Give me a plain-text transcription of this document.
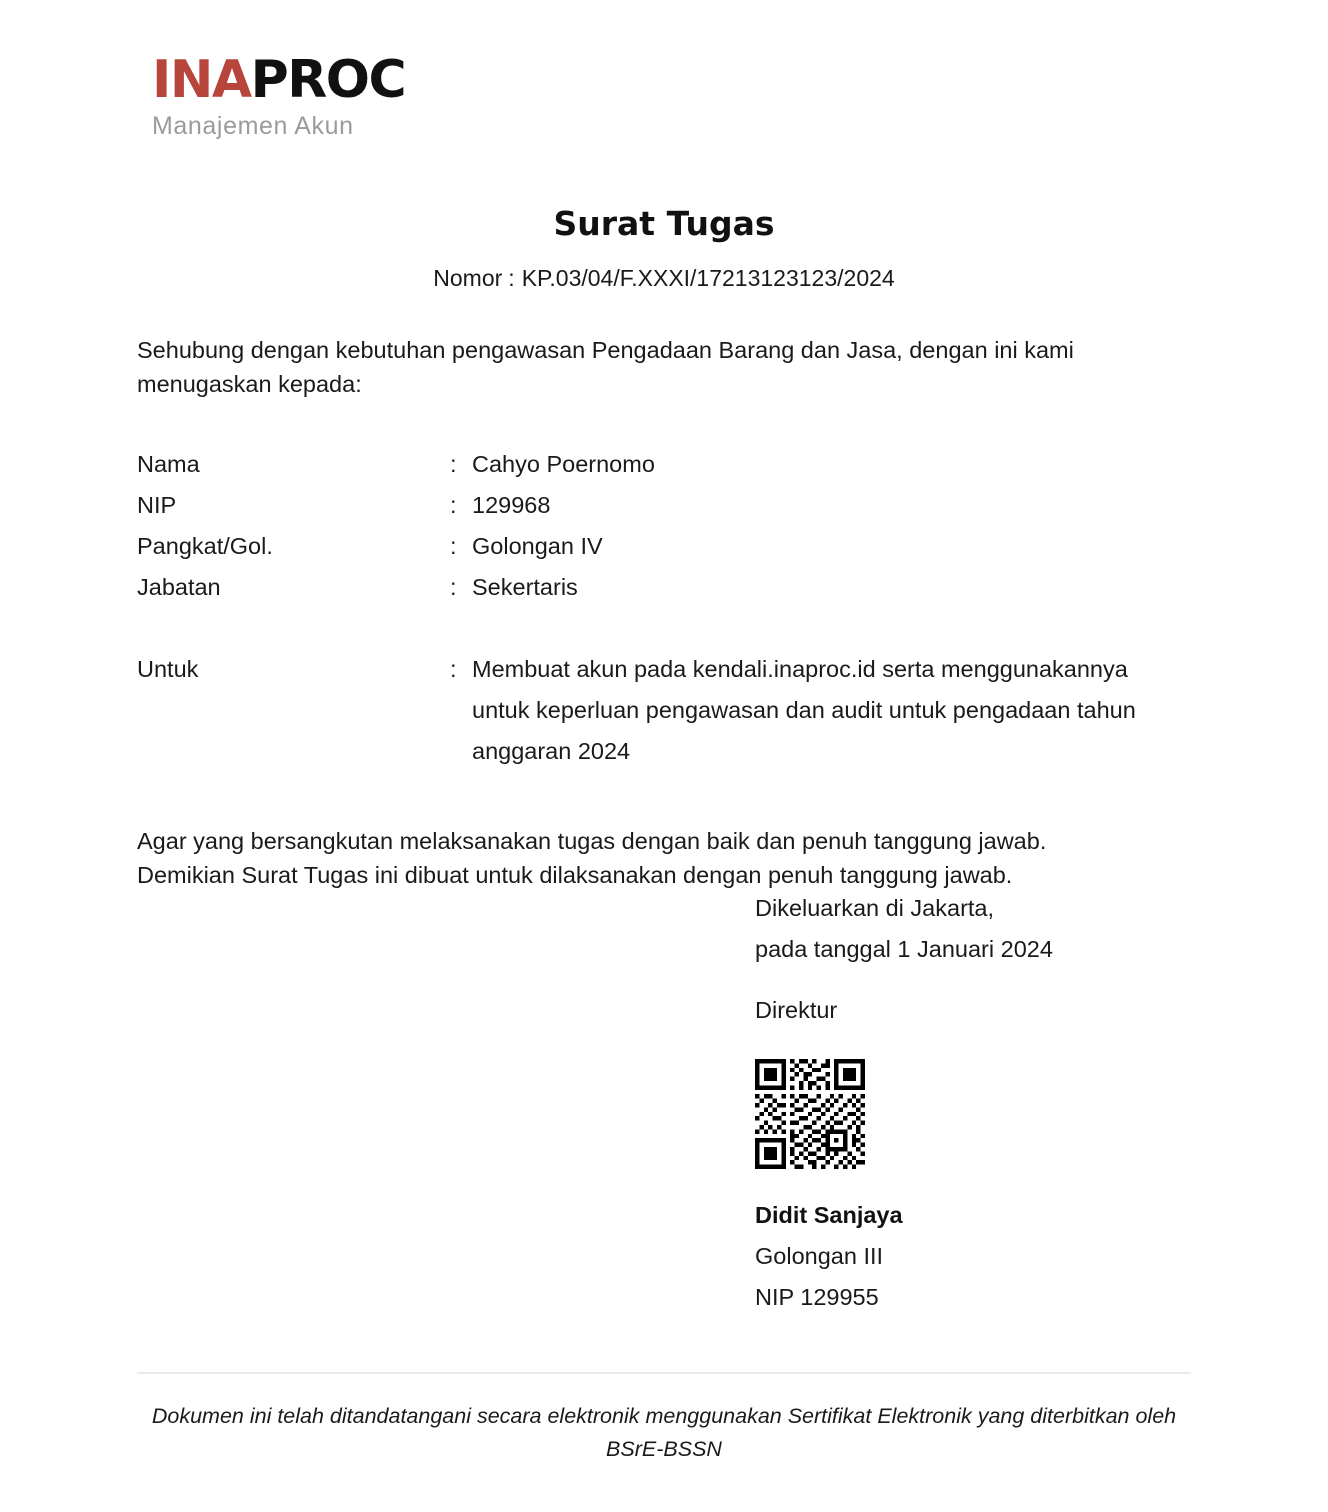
INAPROC
Manajemen Akun
Surat Tugas
Nomor : KP.03/04/F.XXXI/17213123123/2024

Sehubung dengan kebutuhan pengawasan Pengadaan Barang dan Jasa, dengan ini kami menugaskan kepada:

Nama	: Cahyo Poernomo
NIP	: 129968
Pangkat/Gol.	: Golongan IV
Jabatan	: Sekertaris
Untuk	: Membuat akun pada kendali.inaproc.id serta menggunakannya untuk keperluan pengawasan dan audit untuk pengadaan tahun anggaran 2024

Agar yang bersangkutan melaksanakan tugas dengan baik dan penuh tanggung jawab. Demikian Surat Tugas ini dibuat untuk dilaksanakan dengan penuh tanggung jawab.

Dikeluarkan di Jakarta,
pada tanggal 1 Januari 2024
Direktur
Didit Sanjaya
Golongan III
NIP 129955
Dokumen ini telah ditandatangani secara elektronik menggunakan Sertifikat Elektronik yang diterbitkan oleh BSrE-BSSN
